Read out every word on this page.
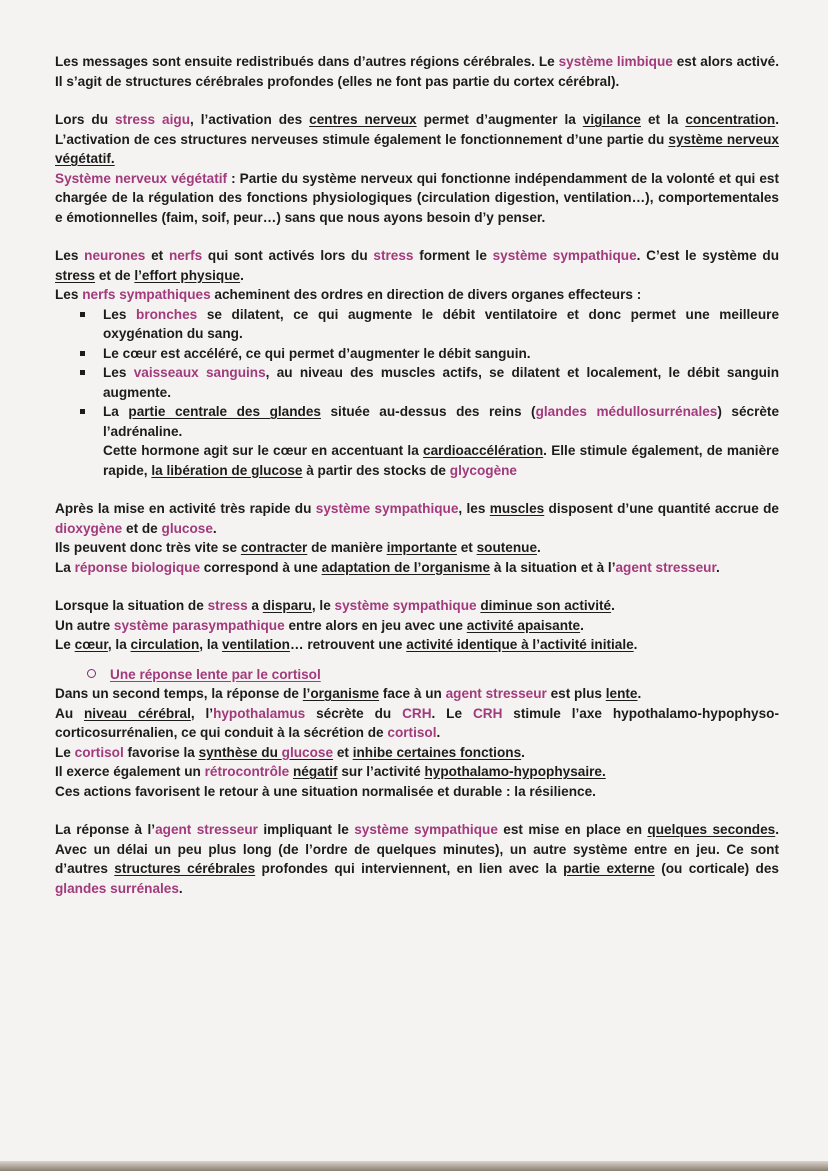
Les messages sont ensuite redistribués dans d’autres régions cérébrales. Le système limbique est alors activé. Il s’agit de structures cérébrales profondes (elles ne font pas partie du cortex cérébral).

Lors du stress aigu, l’activation des centres nerveux permet d’augmenter la vigilance et la concentration. L’activation de ces structures nerveuses stimule également le fonctionnement d’une partie du système nerveux végétatif.

Système nerveux végétatif : Partie du système nerveux qui fonctionne indépendamment de la volonté et qui est chargée de la régulation des fonctions physiologiques (circulation digestion, ventilation…), comportementales e émotionnelles (faim, soif, peur…) sans que nous ayons besoin d’y penser.

Les neurones et nerfs qui sont activés lors du stress forment le système sympathique. C’est le système du stress et de l’effort physique.

Les nerfs sympathiques acheminent des ordres en direction de divers organes effecteurs :

Les bronches se dilatent, ce qui augmente le débit ventilatoire et donc permet une meilleure oxygénation du sang.
Le cœur est accéléré, ce qui permet d’augmenter le débit sanguin.
Les vaisseaux sanguins, au niveau des muscles actifs, se dilatent et localement, le débit sanguin augmente.
La partie centrale des glandes située au-dessus des reins (glandes médullosurrénales) sécrète l’adrénaline.

Cette hormone agit sur le cœur en accentuant la cardioaccélération. Elle stimule également, de manière rapide, la libération de glucose à partir des stocks de glycogène

Après la mise en activité très rapide du système sympathique, les muscles disposent d’une quantité accrue de dioxygène et de glucose.

Ils peuvent donc très vite se contracter de manière importante et soutenue.

La réponse biologique correspond à une adaptation de l’organisme à la situation et à l’agent stresseur.

Lorsque la situation de stress a disparu, le système sympathique diminue son activité.

Un autre système parasympathique entre alors en jeu avec une activité apaisante.

Le cœur, la circulation, la ventilation… retrouvent une activité identique à l’activité initiale.

Une réponse lente par le cortisol

Dans un second temps, la réponse de l’organisme face à un agent stresseur est plus lente.

Au niveau cérébral, l’hypothalamus sécrète du CRH. Le CRH stimule l’axe hypothalamo-hypophyso-corticosurrénalien, ce qui conduit à la sécrétion de cortisol.

Le cortisol favorise la synthèse du glucose et inhibe certaines fonctions.

Il exerce également un rétrocontrôle négatif sur l’activité hypothalamo-hypophysaire.

Ces actions favorisent le retour à une situation normalisée et durable : la résilience.

La réponse à l’agent stresseur impliquant le système sympathique est mise en place en quelques secondes. Avec un délai un peu plus long (de l’ordre de quelques minutes), un autre système entre en jeu. Ce sont d’autres structures cérébrales profondes qui interviennent, en lien avec la partie externe (ou corticale) des glandes surrénales.
